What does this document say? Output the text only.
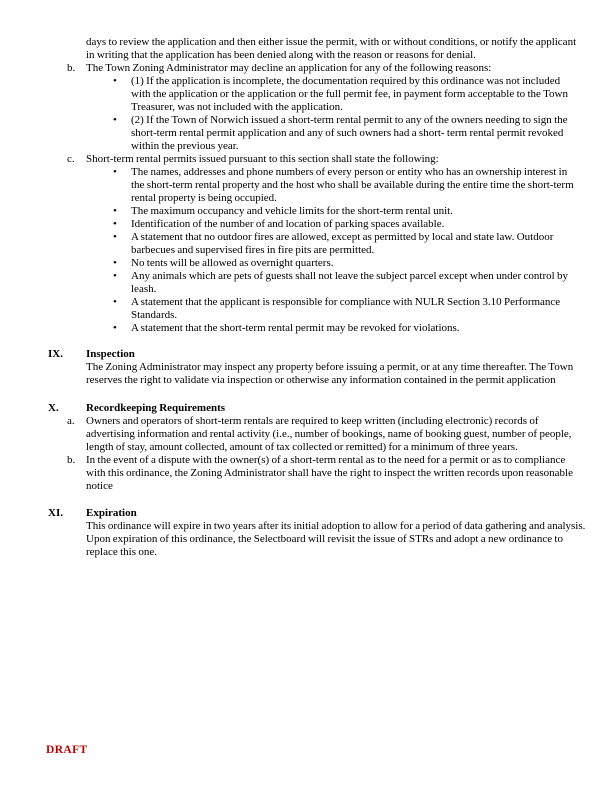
days to review the application and then either issue the permit, with or without conditions, or notify the applicant in writing that the application has been denied along with the reason or reasons for denial.

b. The Town Zoning Administrator may decline an application for any of the following reasons:
• (1) If the application is incomplete, the documentation required by this ordinance was not included with the application or the application or the full permit fee, in payment form acceptable to the Town Treasurer, was not included with the application.
• (2) If the Town of Norwich issued a short-term rental permit to any of the owners needing to sign the short-term rental permit application and any of such owners had a short- term rental permit revoked within the previous year.
c. Short-term rental permits issued pursuant to this section shall state the following:
• The names, addresses and phone numbers of every person or entity who has an ownership interest in the short-term rental property and the host who shall be available during the entire time the short-term rental property is being occupied.
• The maximum occupancy and vehicle limits for the short-term rental unit.
• Identification of the number of and location of parking spaces available.
• A statement that no outdoor fires are allowed, except as permitted by local and state law. Outdoor barbecues and supervised fires in fire pits are permitted.
• No tents will be allowed as overnight quarters.
• Any animals which are pets of guests shall not leave the subject parcel except when under control by leash.
• A statement that the applicant is responsible for compliance with NULR Section 3.10 Performance Standards.
• A statement that the short-term rental permit may be revoked for violations.
IX. Inspection

The Zoning Administrator may inspect any property before issuing a permit, or at any time thereafter. The Town reserves the right to validate via inspection or otherwise any information contained in the permit application

X. Recordkeeping Requirements
a. Owners and operators of short-term rentals are required to keep written (including electronic) records of advertising information and rental activity (i.e., number of bookings, name of booking guest, number of people, length of stay, amount collected, amount of tax collected or remitted) for a minimum of three years.
b. In the event of a dispute with the owner(s) of a short-term rental as to the need for a permit or as to compliance with this ordinance, the Zoning Administrator shall have the right to inspect the written records upon reasonable notice
XI. Expiration

This ordinance will expire in two years after its initial adoption to allow for a period of data gathering and analysis. Upon expiration of this ordinance, the Selectboard will revisit the issue of STRs and adopt a new ordinance to replace this one.

DRAFT
